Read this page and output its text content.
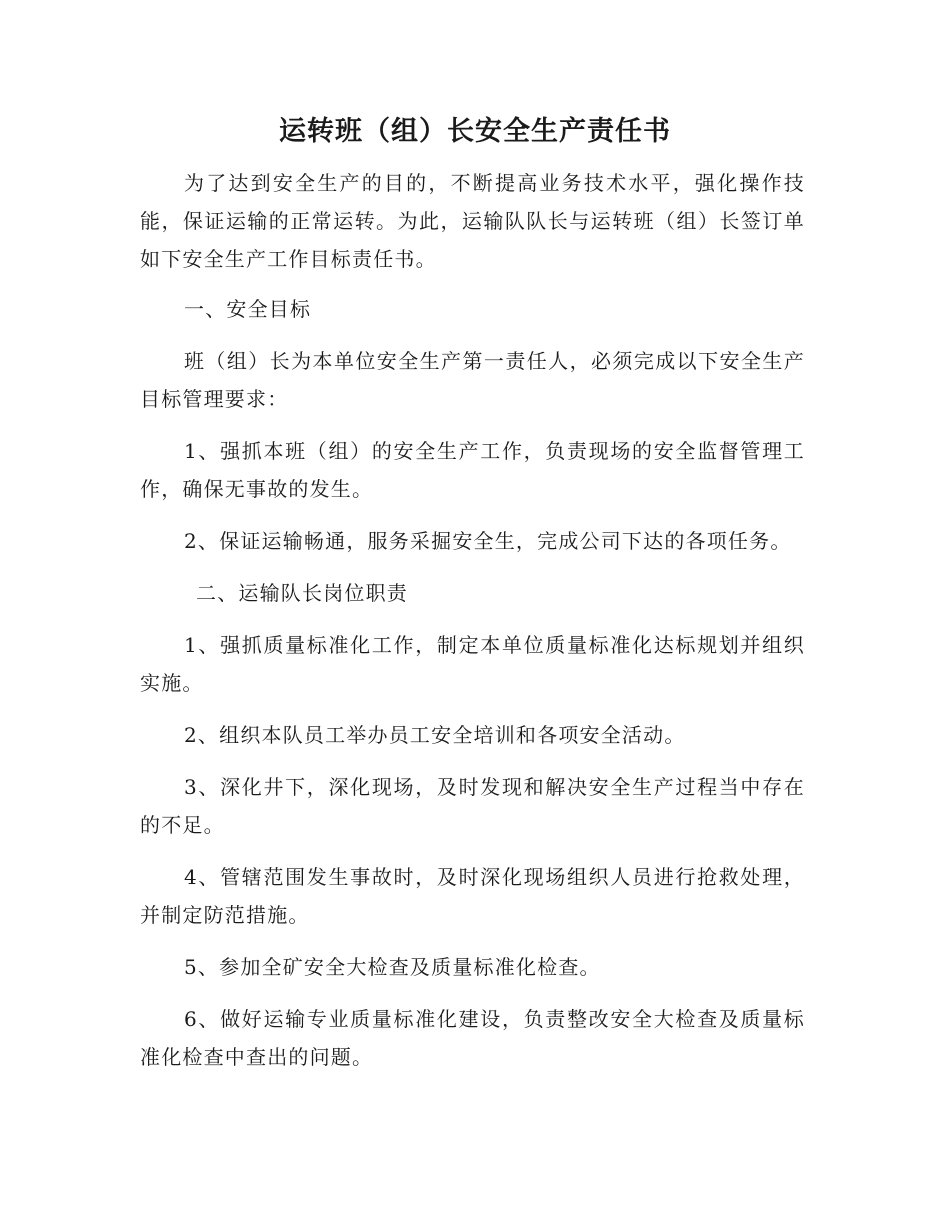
运转班（组）长安全生产责任书

为了达到安全生产的目的，不断提高业务技术水平，强化操作技能，保证运输的正常运转。为此，运输队队长与运转班（组）长签订单如下安全生产工作目标责任书。

一、安全目标

班（组）长为本单位安全生产第一责任人，必须完成以下安全生产目标管理要求：

1、强抓本班（组）的安全生产工作，负责现场的安全监督管理工作，确保无事故的发生。

2、保证运输畅通，服务采掘安全生，完成公司下达的各项任务。

二、运输队长岗位职责

1、强抓质量标准化工作，制定本单位质量标准化达标规划并组织实施。

2、组织本队员工举办员工安全培训和各项安全活动。

3、深化井下，深化现场，及时发现和解决安全生产过程当中存在的不足。

4、管辖范围发生事故时，及时深化现场组织人员进行抢救处理，并制定防范措施。

5、参加全矿安全大检查及质量标准化检查。

6、做好运输专业质量标准化建设，负责整改安全大检查及质量标准化检查中查出的问题。
